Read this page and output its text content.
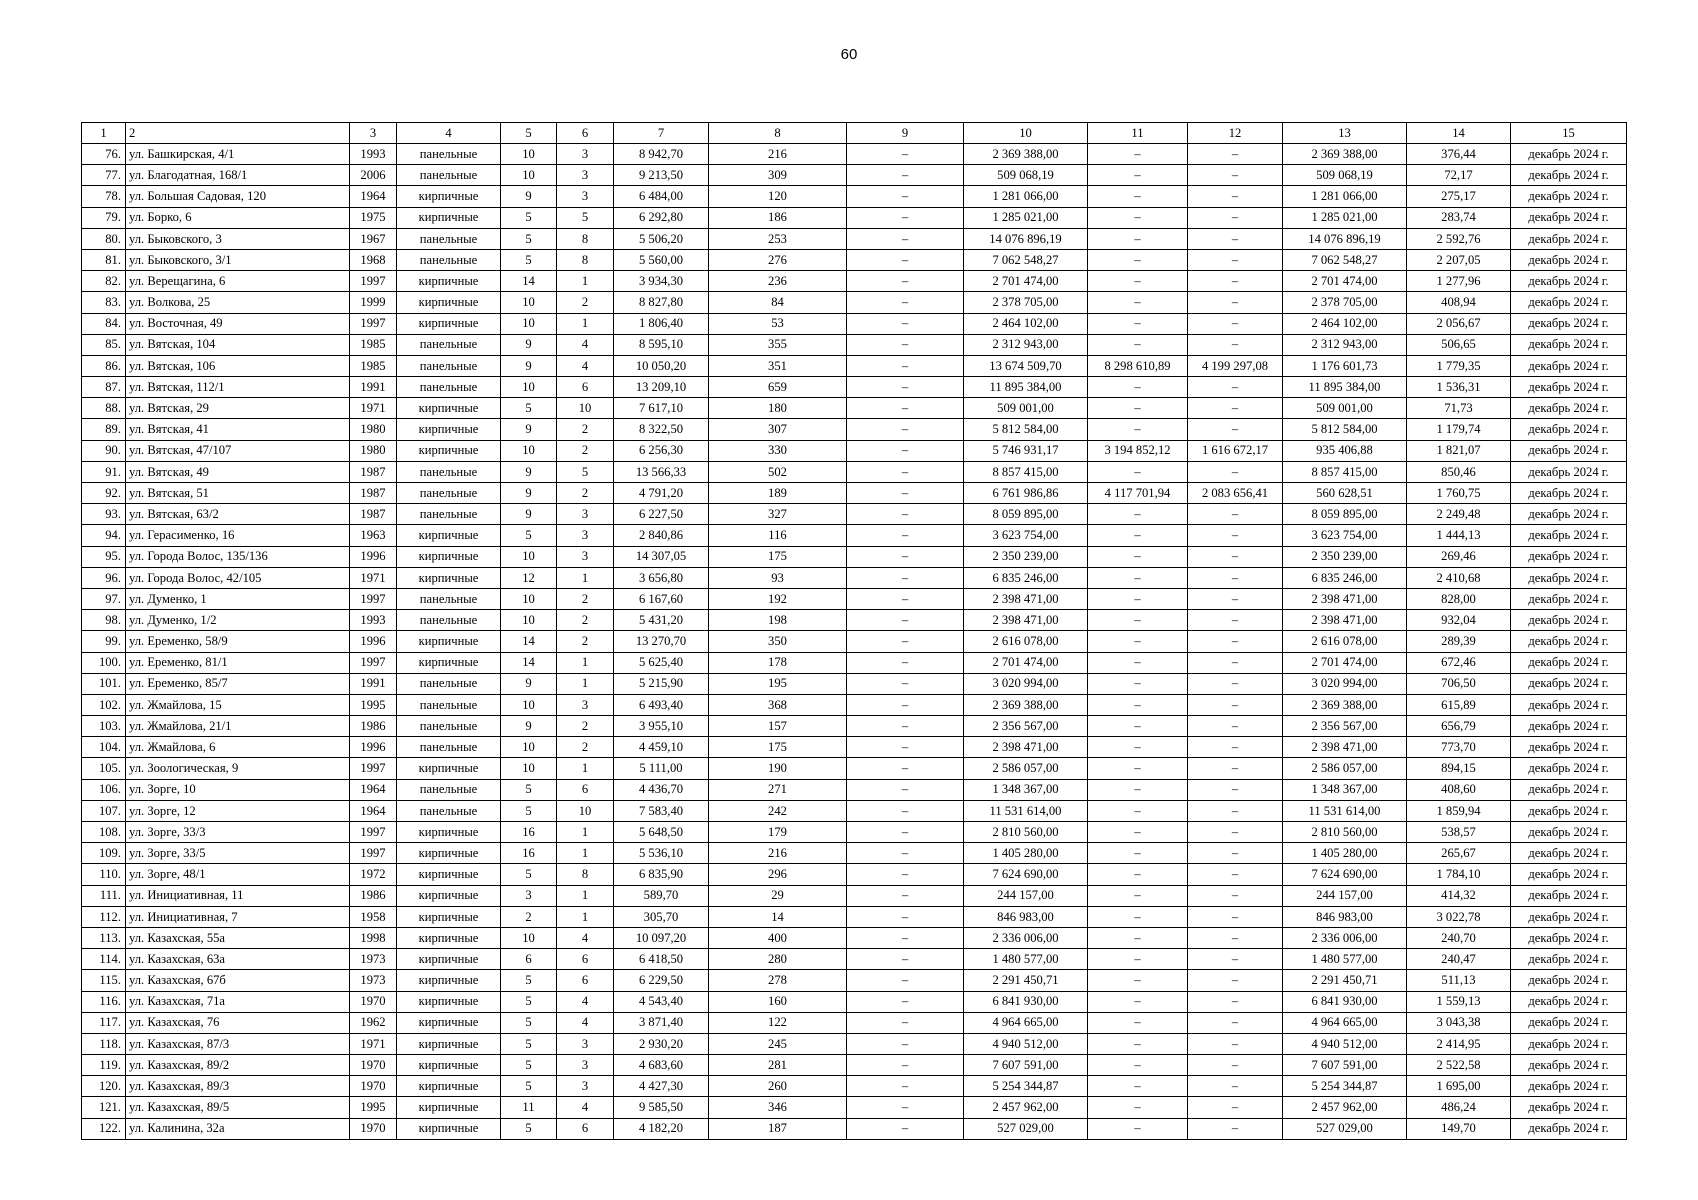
60
1	2	3	4	5	6	7	8	9	10	11	12	13	14	15
76.	ул. Башкирская, 4/1	1993	панельные	10	3	8 942,70	216	–	2 369 388,00	–	–	2 369 388,00	376,44	декабрь 2024 г.
77.	ул. Благодатная, 168/1	2006	панельные	10	3	9 213,50	309	–	509 068,19	–	–	509 068,19	72,17	декабрь 2024 г.
78.	ул. Большая Садовая, 120	1964	кирпичные	9	3	6 484,00	120	–	1 281 066,00	–	–	1 281 066,00	275,17	декабрь 2024 г.
79.	ул. Борко, 6	1975	кирпичные	5	5	6 292,80	186	–	1 285 021,00	–	–	1 285 021,00	283,74	декабрь 2024 г.
80.	ул. Быковского, 3	1967	панельные	5	8	5 506,20	253	–	14 076 896,19	–	–	14 076 896,19	2 592,76	декабрь 2024 г.
81.	ул. Быковского, 3/1	1968	панельные	5	8	5 560,00	276	–	7 062 548,27	–	–	7 062 548,27	2 207,05	декабрь 2024 г.
82.	ул. Верещагина, 6	1997	кирпичные	14	1	3 934,30	236	–	2 701 474,00	–	–	2 701 474,00	1 277,96	декабрь 2024 г.
83.	ул. Волкова, 25	1999	кирпичные	10	2	8 827,80	84	–	2 378 705,00	–	–	2 378 705,00	408,94	декабрь 2024 г.
84.	ул. Восточная, 49	1997	кирпичные	10	1	1 806,40	53	–	2 464 102,00	–	–	2 464 102,00	2 056,67	декабрь 2024 г.
85.	ул. Вятская, 104	1985	панельные	9	4	8 595,10	355	–	2 312 943,00	–	–	2 312 943,00	506,65	декабрь 2024 г.
86.	ул. Вятская, 106	1985	панельные	9	4	10 050,20	351	–	13 674 509,70	8 298 610,89	4 199 297,08	1 176 601,73	1 779,35	декабрь 2024 г.
87.	ул. Вятская, 112/1	1991	панельные	10	6	13 209,10	659	–	11 895 384,00	–	–	11 895 384,00	1 536,31	декабрь 2024 г.
88.	ул. Вятская, 29	1971	кирпичные	5	10	7 617,10	180	–	509 001,00	–	–	509 001,00	71,73	декабрь 2024 г.
89.	ул. Вятская, 41	1980	кирпичные	9	2	8 322,50	307	–	5 812 584,00	–	–	5 812 584,00	1 179,74	декабрь 2024 г.
90.	ул. Вятская, 47/107	1980	кирпичные	10	2	6 256,30	330	–	5 746 931,17	3 194 852,12	1 616 672,17	935 406,88	1 821,07	декабрь 2024 г.
91.	ул. Вятская, 49	1987	панельные	9	5	13 566,33	502	–	8 857 415,00	–	–	8 857 415,00	850,46	декабрь 2024 г.
92.	ул. Вятская, 51	1987	панельные	9	2	4 791,20	189	–	6 761 986,86	4 117 701,94	2 083 656,41	560 628,51	1 760,75	декабрь 2024 г.
93.	ул. Вятская, 63/2	1987	панельные	9	3	6 227,50	327	–	8 059 895,00	–	–	8 059 895,00	2 249,48	декабрь 2024 г.
94.	ул. Герасименко, 16	1963	кирпичные	5	3	2 840,86	116	–	3 623 754,00	–	–	3 623 754,00	1 444,13	декабрь 2024 г.
95.	ул. Города Волос, 135/136	1996	кирпичные	10	3	14 307,05	175	–	2 350 239,00	–	–	2 350 239,00	269,46	декабрь 2024 г.
96.	ул. Города Волос, 42/105	1971	кирпичные	12	1	3 656,80	93	–	6 835 246,00	–	–	6 835 246,00	2 410,68	декабрь 2024 г.
97.	ул. Думенко, 1	1997	панельные	10	2	6 167,60	192	–	2 398 471,00	–	–	2 398 471,00	828,00	декабрь 2024 г.
98.	ул. Думенко, 1/2	1993	панельные	10	2	5 431,20	198	–	2 398 471,00	–	–	2 398 471,00	932,04	декабрь 2024 г.
99.	ул. Еременко, 58/9	1996	кирпичные	14	2	13 270,70	350	–	2 616 078,00	–	–	2 616 078,00	289,39	декабрь 2024 г.
100.	ул. Еременко, 81/1	1997	кирпичные	14	1	5 625,40	178	–	2 701 474,00	–	–	2 701 474,00	672,46	декабрь 2024 г.
101.	ул. Еременко, 85/7	1991	панельные	9	1	5 215,90	195	–	3 020 994,00	–	–	3 020 994,00	706,50	декабрь 2024 г.
102.	ул. Жмайлова, 15	1995	панельные	10	3	6 493,40	368	–	2 369 388,00	–	–	2 369 388,00	615,89	декабрь 2024 г.
103.	ул. Жмайлова, 21/1	1986	панельные	9	2	3 955,10	157	–	2 356 567,00	–	–	2 356 567,00	656,79	декабрь 2024 г.
104.	ул. Жмайлова, 6	1996	панельные	10	2	4 459,10	175	–	2 398 471,00	–	–	2 398 471,00	773,70	декабрь 2024 г.
105.	ул. Зоологическая, 9	1997	кирпичные	10	1	5 111,00	190	–	2 586 057,00	–	–	2 586 057,00	894,15	декабрь 2024 г.
106.	ул. Зорге, 10	1964	панельные	5	6	4 436,70	271	–	1 348 367,00	–	–	1 348 367,00	408,60	декабрь 2024 г.
107.	ул. Зорге, 12	1964	панельные	5	10	7 583,40	242	–	11 531 614,00	–	–	11 531 614,00	1 859,94	декабрь 2024 г.
108.	ул. Зорге, 33/3	1997	кирпичные	16	1	5 648,50	179	–	2 810 560,00	–	–	2 810 560,00	538,57	декабрь 2024 г.
109.	ул. Зорге, 33/5	1997	кирпичные	16	1	5 536,10	216	–	1 405 280,00	–	–	1 405 280,00	265,67	декабрь 2024 г.
110.	ул. Зорге, 48/1	1972	кирпичные	5	8	6 835,90	296	–	7 624 690,00	–	–	7 624 690,00	1 784,10	декабрь 2024 г.
111.	ул. Инициативная, 11	1986	кирпичные	3	1	589,70	29	–	244 157,00	–	–	244 157,00	414,32	декабрь 2024 г.
112.	ул. Инициативная, 7	1958	кирпичные	2	1	305,70	14	–	846 983,00	–	–	846 983,00	3 022,78	декабрь 2024 г.
113.	ул. Казахская, 55а	1998	кирпичные	10	4	10 097,20	400	–	2 336 006,00	–	–	2 336 006,00	240,70	декабрь 2024 г.
114.	ул. Казахская, 63а	1973	кирпичные	6	6	6 418,50	280	–	1 480 577,00	–	–	1 480 577,00	240,47	декабрь 2024 г.
115.	ул. Казахская, 67б	1973	кирпичные	5	6	6 229,50	278	–	2 291 450,71	–	–	2 291 450,71	511,13	декабрь 2024 г.
116.	ул. Казахская, 71а	1970	кирпичные	5	4	4 543,40	160	–	6 841 930,00	–	–	6 841 930,00	1 559,13	декабрь 2024 г.
117.	ул. Казахская, 76	1962	кирпичные	5	4	3 871,40	122	–	4 964 665,00	–	–	4 964 665,00	3 043,38	декабрь 2024 г.
118.	ул. Казахская, 87/3	1971	кирпичные	5	3	2 930,20	245	–	4 940 512,00	–	–	4 940 512,00	2 414,95	декабрь 2024 г.
119.	ул. Казахская, 89/2	1970	кирпичные	5	3	4 683,60	281	–	7 607 591,00	–	–	7 607 591,00	2 522,58	декабрь 2024 г.
120.	ул. Казахская, 89/3	1970	кирпичные	5	3	4 427,30	260	–	5 254 344,87	–	–	5 254 344,87	1 695,00	декабрь 2024 г.
121.	ул. Казахская, 89/5	1995	кирпичные	11	4	9 585,50	346	–	2 457 962,00	–	–	2 457 962,00	486,24	декабрь 2024 г.
122.	ул. Калинина, 32а	1970	кирпичные	5	6	4 182,20	187	–	527 029,00	–	–	527 029,00	149,70	декабрь 2024 г.
